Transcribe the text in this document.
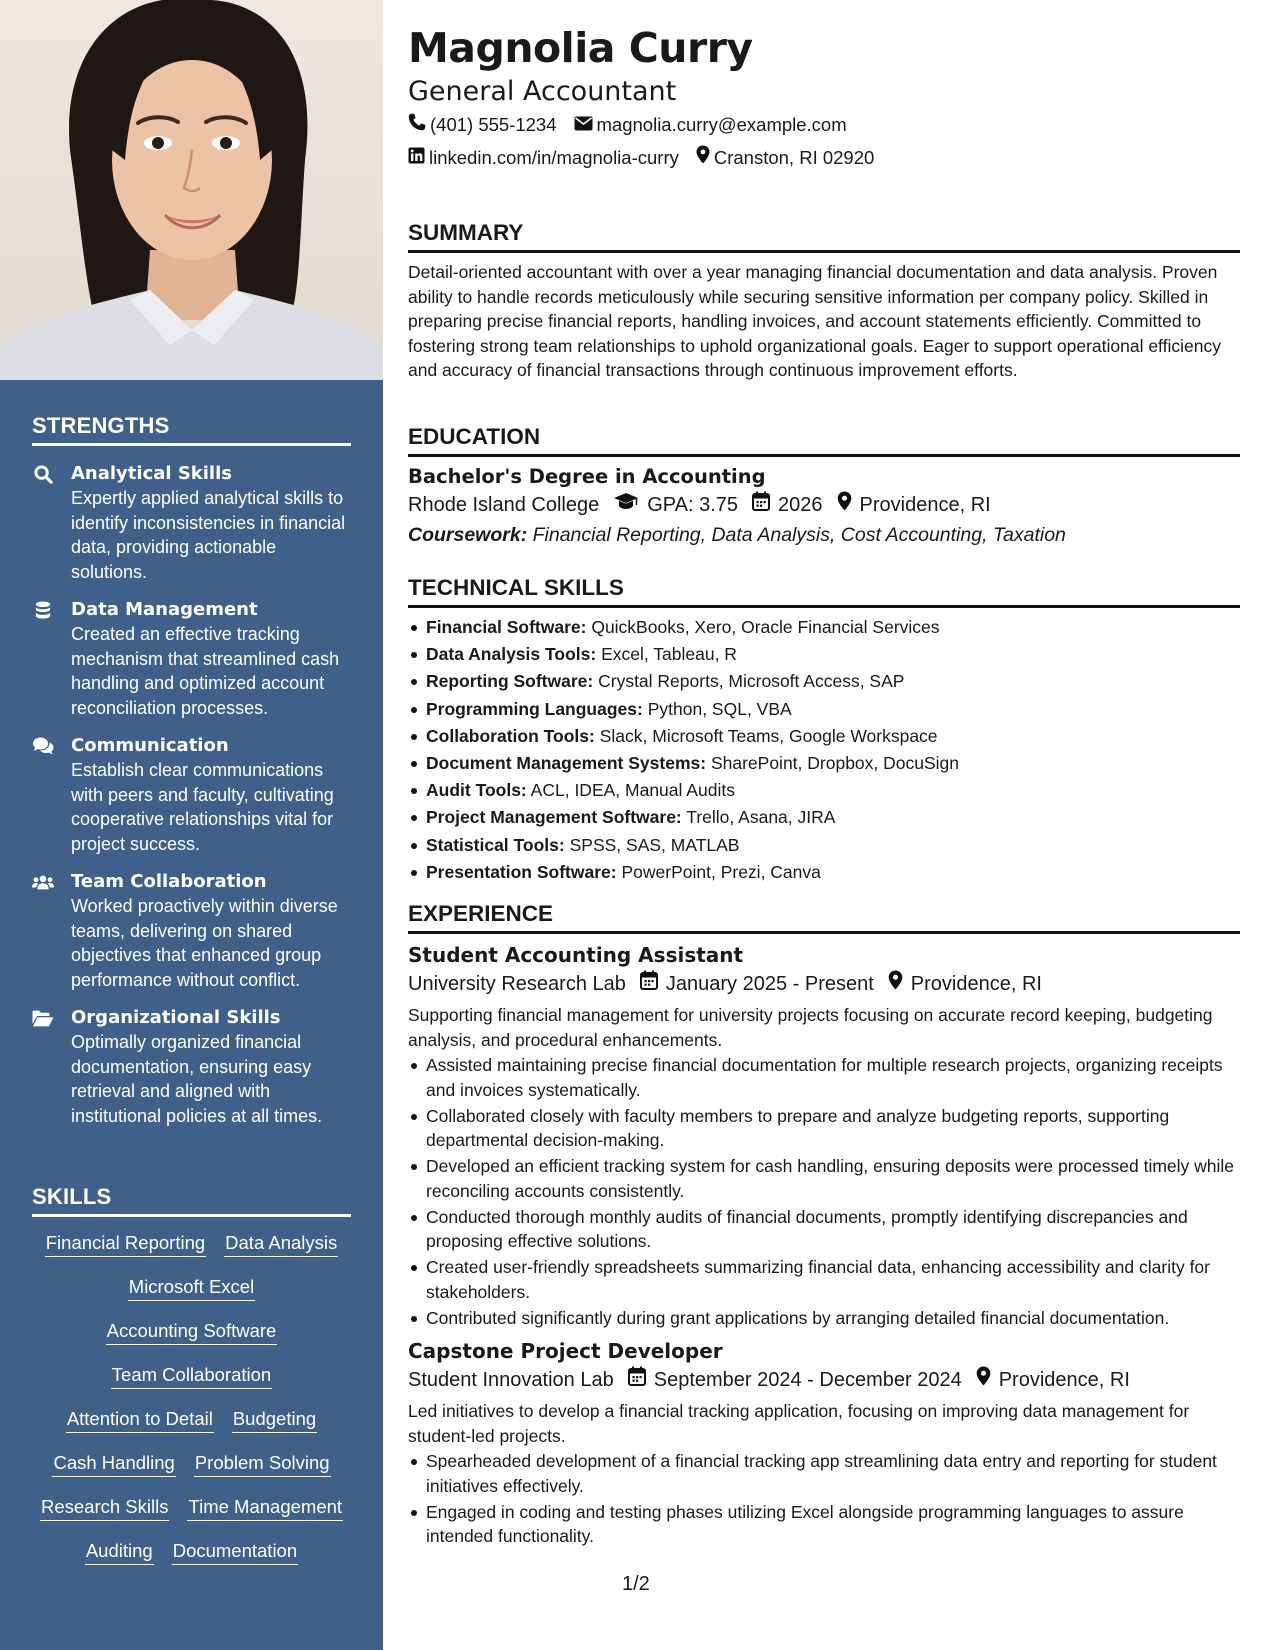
STRENGTHS
Analytical Skills
Expertly applied analytical skills to identify inconsistencies in financial data, providing actionable solutions.
Data Management
Created an effective tracking mechanism that streamlined cash handling and optimized account reconciliation processes.
Communication
Establish clear communications with peers and faculty, cultivating cooperative relationships vital for project success.
Team Collaboration
Worked proactively within diverse teams, delivering on shared objectives that enhanced group performance without conflict.
Organizational Skills
Optimally organized financial documentation, ensuring easy retrieval and aligned with institutional policies at all times.
SKILLS
Financial Reporting Data Analysis
Microsoft Excel
Accounting Software
Team Collaboration
Attention to Detail Budgeting
Cash Handling Problem Solving
Research Skills Time Management
Auditing Documentation
Magnolia Curry
General Accountant
(401) 555-1234 magnolia.curry@example.com
linkedin.com/in/magnolia-curry Cranston, RI 02920
SUMMARY
Detail-oriented accountant with over a year managing financial documentation and data analysis. Proven ability to handle records meticulously while securing sensitive information per company policy. Skilled in preparing precise financial reports, handling invoices, and account statements efficiently. Committed to fostering strong team relationships to uphold organizational goals. Eager to support operational efficiency and accuracy of financial transactions through continuous improvement efforts.
EDUCATION
Bachelor's Degree in Accounting
Rhode Island College GPA: 3.75 2026 Providence, RI
Coursework: Financial Reporting, Data Analysis, Cost Accounting, Taxation
TECHNICAL SKILLS
Financial Software: QuickBooks, Xero, Oracle Financial Services
Data Analysis Tools: Excel, Tableau, R
Reporting Software: Crystal Reports, Microsoft Access, SAP
Programming Languages: Python, SQL, VBA
Collaboration Tools: Slack, Microsoft Teams, Google Workspace
Document Management Systems: SharePoint, Dropbox, DocuSign
Audit Tools: ACL, IDEA, Manual Audits
Project Management Software: Trello, Asana, JIRA
Statistical Tools: SPSS, SAS, MATLAB
Presentation Software: PowerPoint, Prezi, Canva
EXPERIENCE
Student Accounting Assistant
University Research Lab January 2025 - Present Providence, RI
Supporting financial management for university projects focusing on accurate record keeping, budgeting analysis, and procedural enhancements.
Assisted maintaining precise financial documentation for multiple research projects, organizing receipts and invoices systematically.
Collaborated closely with faculty members to prepare and analyze budgeting reports, supporting departmental decision-making.
Developed an efficient tracking system for cash handling, ensuring deposits were processed timely while reconciling accounts consistently.
Conducted thorough monthly audits of financial documents, promptly identifying discrepancies and proposing effective solutions.
Created user-friendly spreadsheets summarizing financial data, enhancing accessibility and clarity for stakeholders.
Contributed significantly during grant applications by arranging detailed financial documentation.
Capstone Project Developer
Student Innovation Lab September 2024 - December 2024 Providence, RI
Led initiatives to develop a financial tracking application, focusing on improving data management for student-led projects.
Spearheaded development of a financial tracking app streamlining data entry and reporting for student initiatives effectively.
Engaged in coding and testing phases utilizing Excel alongside programming languages to assure intended functionality.
1/2
